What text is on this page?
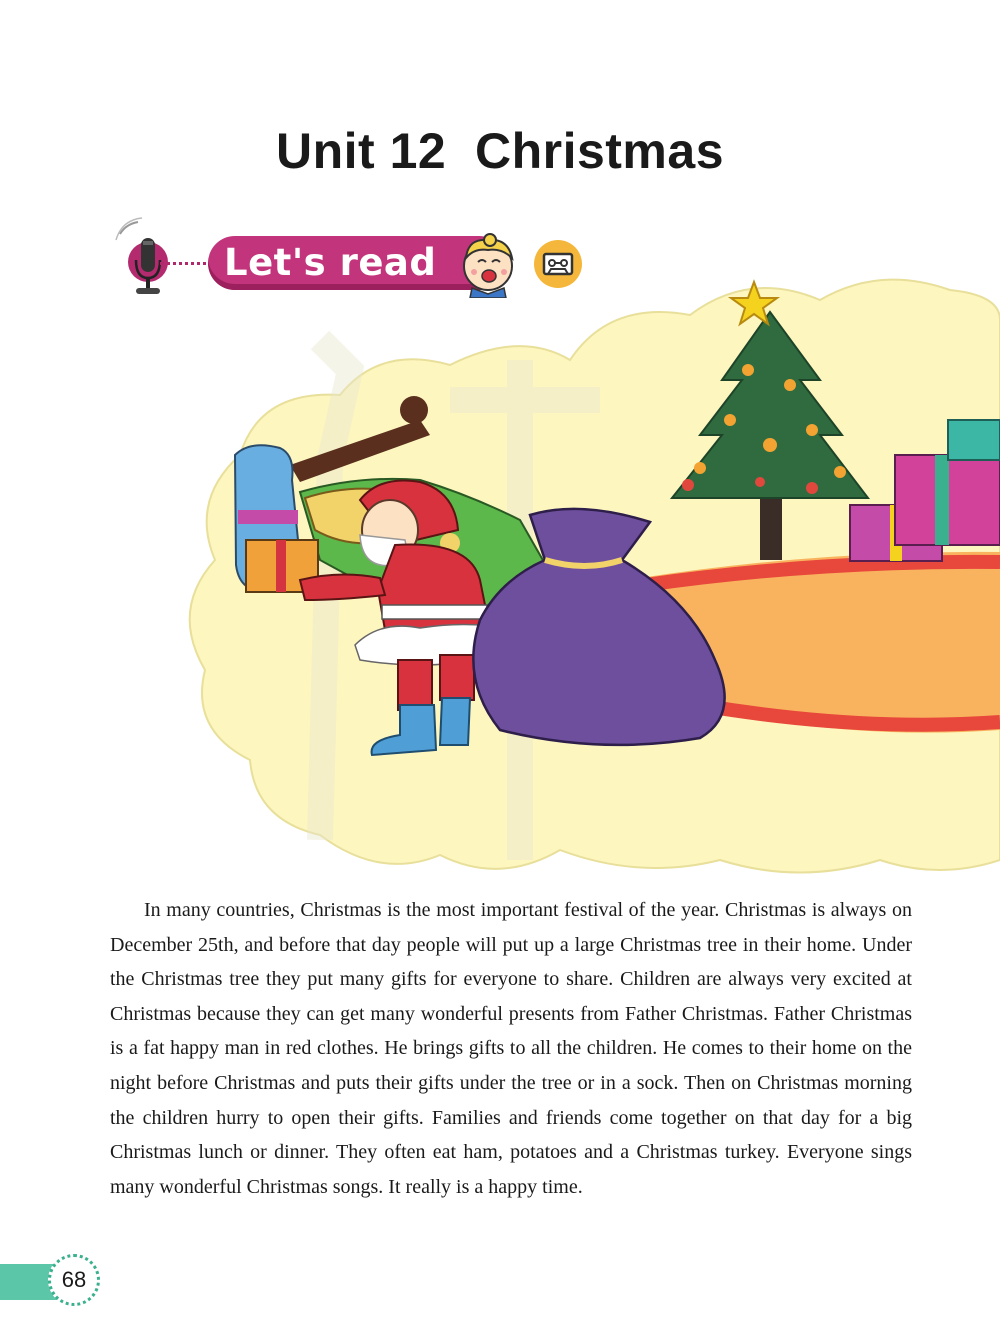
Unit 12  Christmas
Let's read

In many countries, Christmas is the most important festival of the year. Christmas is always on December 25th, and before that day people will put up a large Christmas tree in their home. Under the Christmas tree they put many gifts for everyone to share. Children are always very excited at Christmas because they can get many wonderful presents from Father Christmas. Father Christmas is a fat happy man in red clothes. He brings gifts to all the children. He comes to their home on the night before Christmas and puts their gifts under the tree or in a sock. Then on Christmas morning the children hurry to open their gifts. Families and friends come together on that day for a big Christmas lunch or dinner. They often eat ham, potatoes and a Christmas turkey. Everyone sings many wonderful Christmas songs. It really is a happy time.

68
